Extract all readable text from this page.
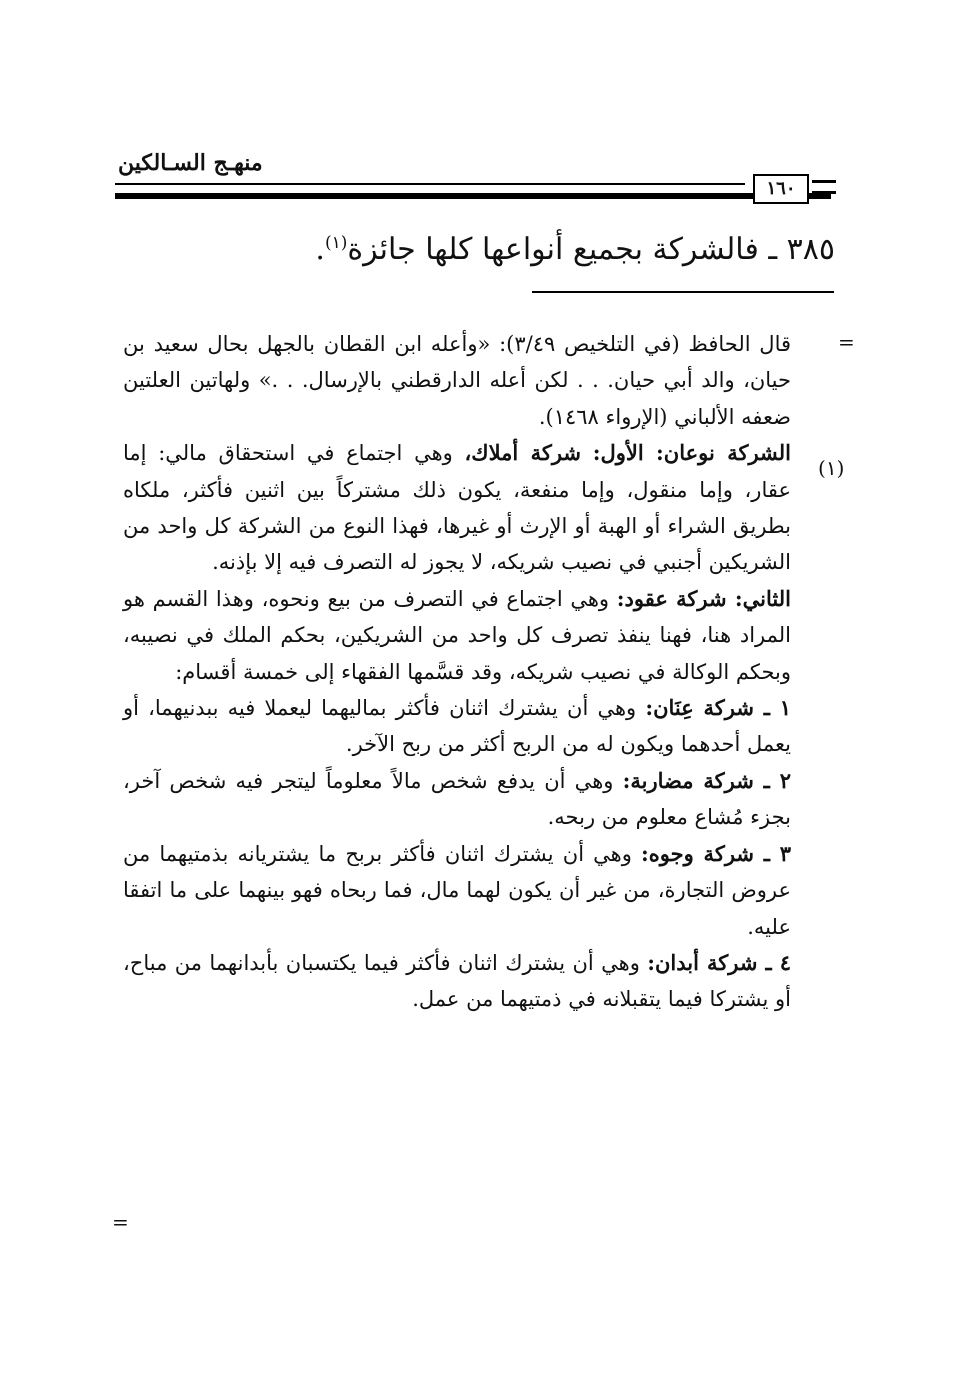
منهـج السـالكين
١٦٠
٣٨٥ ـ فالشركة بجميع أنواعها كلها جائزة$^{(١)}$.
=
(١)
=

قال الحافظ (في التلخيص ٣/٤٩): «وأعله ابن القطان بالجهل بحال سعيد بن حيان، والد أبي حيان. . . لكن أعله الدارقطني بالإرسال. . .» ولهاتين العلتين ضعفه الألباني (الإرواء ١٤٦٨).

الشركة نوعان: الأول: شركة أملاك، وهي اجتماع في استحقاق مالي: إما عقار، وإما منقول، وإما منفعة، يكون ذلك مشتركاً بين اثنين فأكثر، ملكاه بطريق الشراء أو الهبة أو الإرث أو غيرها، فهذا النوع من الشركة كل واحد من الشريكين أجنبي في نصيب شريكه، لا يجوز له التصرف فيه إلا بإذنه.

الثاني: شركة عقود: وهي اجتماع في التصرف من بيع ونحوه، وهذا القسم هو المراد هنا، فهنا ينفذ تصرف كل واحد من الشريكين، بحكم الملك في نصيبه، وبحكم الوكالة في نصيب شريكه، وقد قسَّمها الفقهاء إلى خمسة أقسام:

١ ـ شركة عِنَان: وهي أن يشترك اثنان فأكثر بماليهما ليعملا فيه ببدنيهما، أو يعمل أحدهما ويكون له من الربح أكثر من ربح الآخر.

٢ ـ شركة مضاربة: وهي أن يدفع شخص مالاً معلوماً ليتجر فيه شخص آخر، بجزء مُشاع معلوم من ربحه.

٣ ـ شركة وجوه: وهي أن يشترك اثنان فأكثر بربح ما يشتريانه بذمتيهما من عروض التجارة، من غير أن يكون لهما مال، فما ربحاه فهو بينهما على ما اتفقا عليه.

٤ ـ شركة أبدان: وهي أن يشترك اثنان فأكثر فيما يكتسبان بأبدانهما من مباح، أو يشتركا فيما يتقبلانه في ذمتيهما من عمل.
